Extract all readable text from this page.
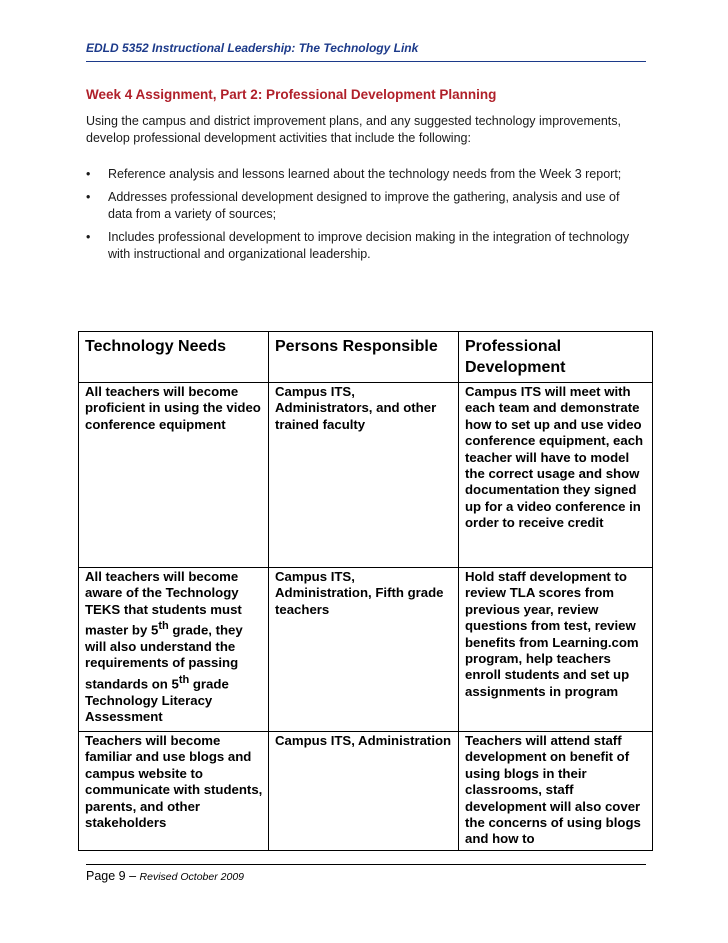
EDLD 5352 Instructional Leadership: The Technology Link
Week 4 Assignment, Part 2: Professional Development Planning
Using the campus and district improvement plans, and any suggested technology improvements, develop professional development activities that include the following:
• Reference analysis and lessons learned about the technology needs from the Week 3 report;
• Addresses professional development designed to improve the gathering, analysis and use of data from a variety of sources;
• Includes professional development to improve decision making in the integration of technology with instructional and organizational leadership.
Technology Needs	Persons Responsible	Professional Development
All teachers will become proficient in using the video conference equipment	Campus ITS, Administrators, and other trained faculty	Campus ITS will meet with each team and demonstrate how to set up and use video conference equipment, each teacher will have to model the correct usage and show documentation they signed up for a video conference in order to receive credit
All teachers will become aware of the Technology TEKS that students must master by 5th grade, they will also understand the requirements of passing standards on 5th grade Technology Literacy Assessment	Campus ITS, Administration, Fifth grade teachers	Hold staff development to review TLA scores from previous year, review questions from test, review benefits from Learning.com program, help teachers enroll students and set up assignments in program
Teachers will become familiar and use blogs and campus website to communicate with students, parents, and other stakeholders	Campus ITS, Administration	Teachers will attend staff development on benefit of using blogs in their classrooms, staff development will also cover the concerns of using blogs and how to
Page 9 – Revised October 2009
